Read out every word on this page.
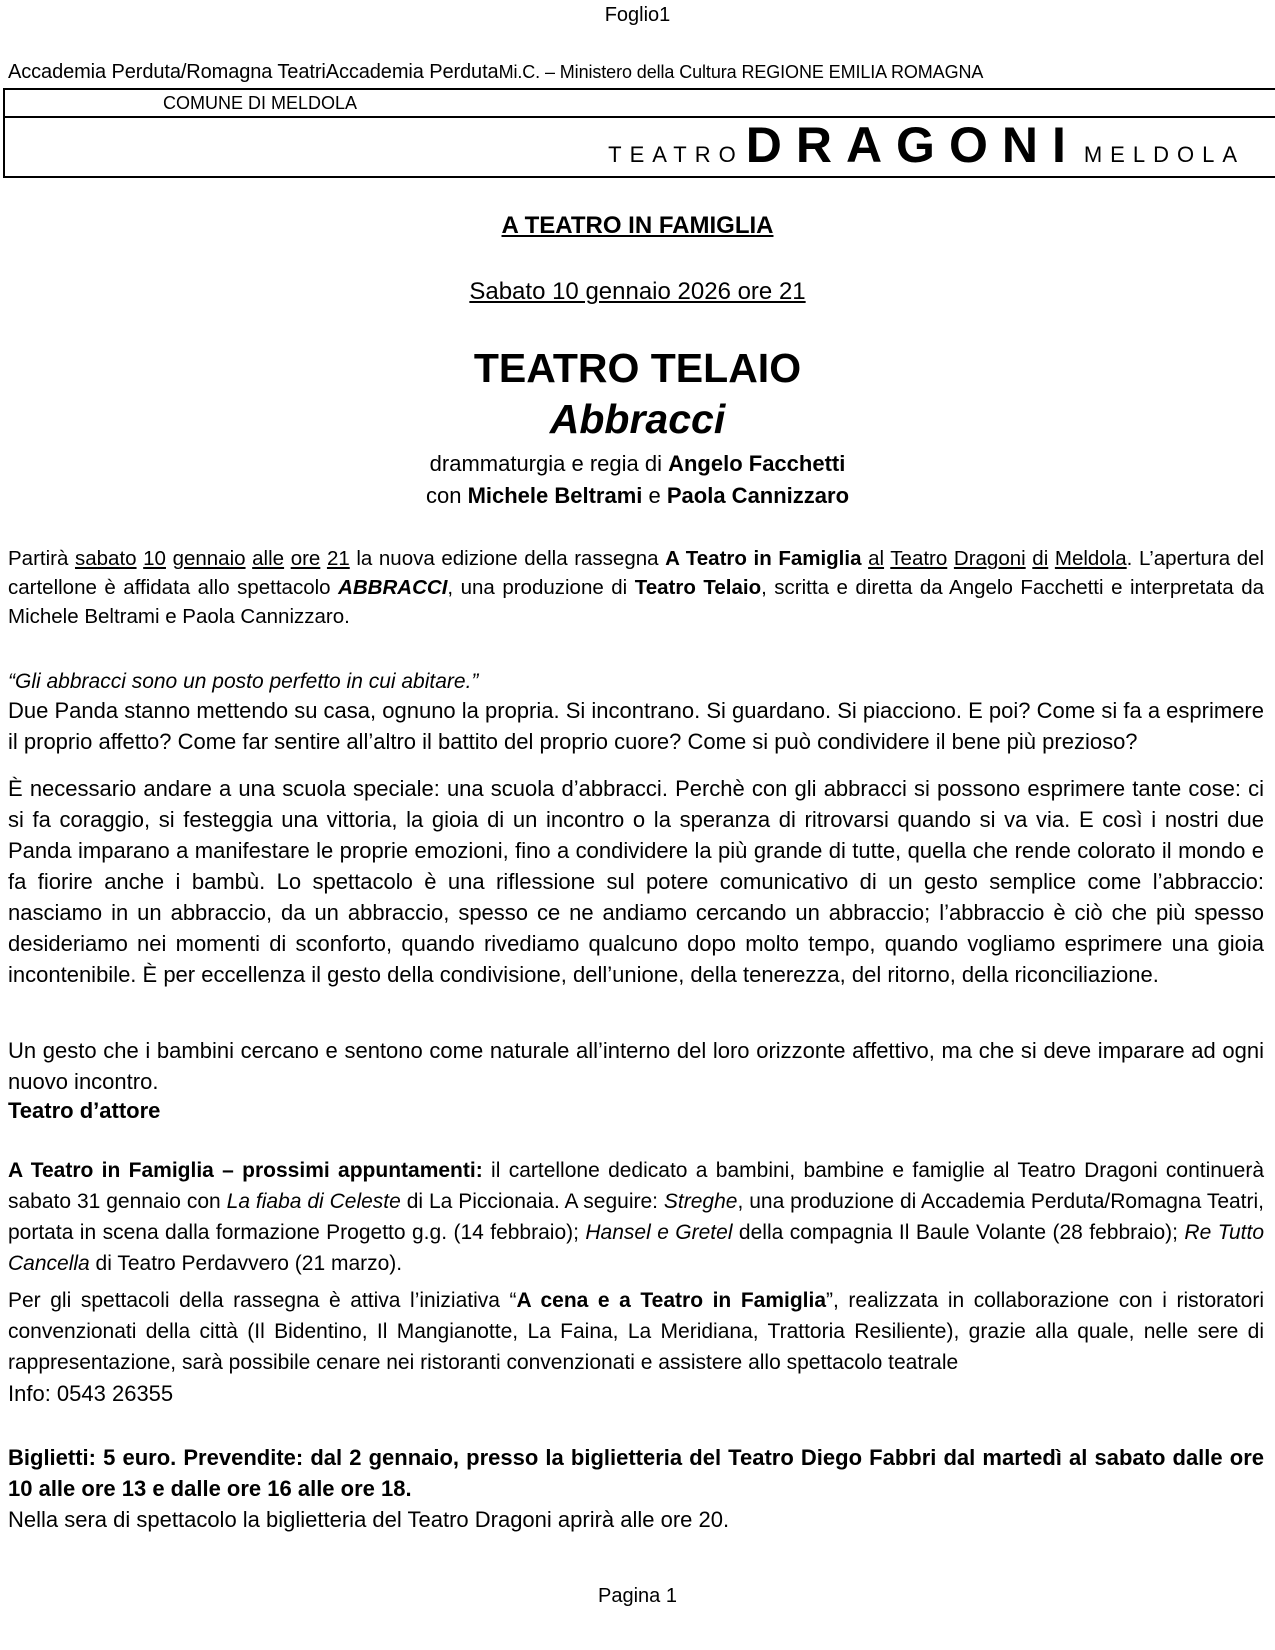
Foglio1
Accademia Perduta/Romagna TeatriAccademia PerdutaMi.C. – Ministero della Cultura REGIONE EMILIA ROMAGNA
COMUNE DI MELDOLA
TEATRO DRAGONI MELDOLA
A TEATRO IN FAMIGLIA
Sabato 10 gennaio 2026 ore 21
TEATRO TELAIO
Abbracci
drammaturgia e regia di Angelo Facchetti
con Michele Beltrami e Paola Cannizzaro
Partirà sabato 10 gennaio alle ore 21 la nuova edizione della rassegna A Teatro in Famiglia al Teatro Dragoni di Meldola. L’apertura del cartellone è affidata allo spettacolo ABBRACCI, una produzione di Teatro Telaio, scritta e diretta da Angelo Facchetti e interpretata da Michele Beltrami e Paola Cannizzaro.
“Gli abbracci sono un posto perfetto in cui abitare.”
Due Panda stanno mettendo su casa, ognuno la propria. Si incontrano. Si guardano. Si piacciono. E poi? Come si fa a esprimere il proprio affetto? Come far sentire all’altro il battito del proprio cuore? Come si può condividere il bene più prezioso?
È necessario andare a una scuola speciale: una scuola d’abbracci. Perchè con gli abbracci si possono esprimere tante cose: ci si fa coraggio, si festeggia una vittoria, la gioia di un incontro o la speranza di ritrovarsi quando si va via. E così i nostri due Panda imparano a manifestare le proprie emozioni, fino a condividere la più grande di tutte, quella che rende colorato il mondo e fa fiorire anche i bambù. Lo spettacolo è una riflessione sul potere comunicativo di un gesto semplice come l’abbraccio: nasciamo in un abbraccio, da un abbraccio, spesso ce ne andiamo cercando un abbraccio; l’abbraccio è ciò che più spesso desideriamo nei momenti di sconforto, quando rivediamo qualcuno dopo molto tempo, quando vogliamo esprimere una gioia incontenibile. È per eccellenza il gesto della condivisione, dell’unione, della tenerezza, del ritorno, della riconciliazione.
Un gesto che i bambini cercano e sentono come naturale all’interno del loro orizzonte affettivo, ma che si deve imparare ad ogni nuovo incontro.
Teatro d’attore
A Teatro in Famiglia – prossimi appuntamenti: il cartellone dedicato a bambini, bambine e famiglie al Teatro Dragoni continuerà sabato 31 gennaio con La fiaba di Celeste di La Piccionaia. A seguire: Streghe, una produzione di Accademia Perduta/Romagna Teatri, portata in scena dalla formazione Progetto g.g. (14 febbraio); Hansel e Gretel della compagnia Il Baule Volante (28 febbraio); Re Tutto Cancella di Teatro Perdavvero (21 marzo).
Per gli spettacoli della rassegna è attiva l’iniziativa “A cena e a Teatro in Famiglia”, realizzata in collaborazione con i ristoratori convenzionati della città (Il Bidentino, Il Mangianotte, La Faina, La Meridiana, Trattoria Resiliente), grazie alla quale, nelle sere di rappresentazione, sarà possibile cenare nei ristoranti convenzionati e assistere allo spettacolo teatrale
Info: 0543 26355
Biglietti: 5 euro. Prevendite: dal 2 gennaio, presso la biglietteria del Teatro Diego Fabbri dal martedì al sabato dalle ore 10 alle ore 13 e dalle ore 16 alle ore 18.
Nella sera di spettacolo la biglietteria del Teatro Dragoni aprirà alle ore 20.
Pagina 1
